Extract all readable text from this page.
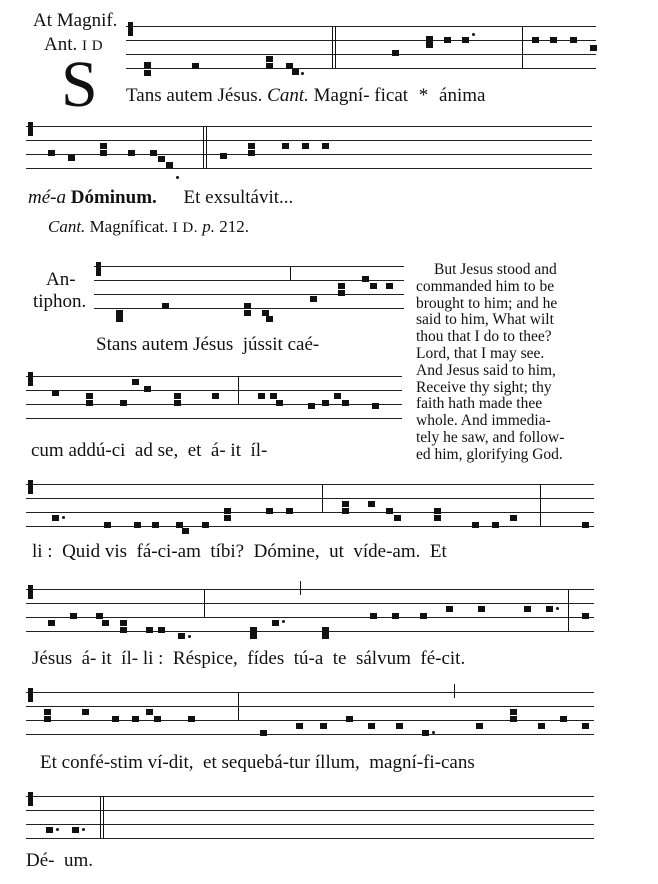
At Magnif.
Ant. I D
S Tans autem Jésus. Cant. Magní- ficat * ánima
mé-a Dóminum. Et exsultávit...
Cant. Magníficat. I D. p. 212.
An-
tiphon.
Stans autem Jésus  jússit caé-
cum addú-ci  ad se,  et  á- it  íl-
But Jesus stood and
commanded him to be
brought to him; and he
said to him, What wilt
thou that I do to thee?
Lord, that I may see.
And Jesus said to him,
Receive thy sight; thy
faith hath made thee
whole. And immedia-
tely he saw, and follow-
ed him, glorifying God.
li :  Quid vis  fá-ci-am  tíbi?  Dómine,  ut  víde-am.  Et
Jésus  á- it  íl- li :  Réspice,  fídes  tú-a  te  sálvum  fé-cit.
Et confé-stim ví-dit,  et sequebá-tur íllum,  magní-fi-cans
Dé-  um.
